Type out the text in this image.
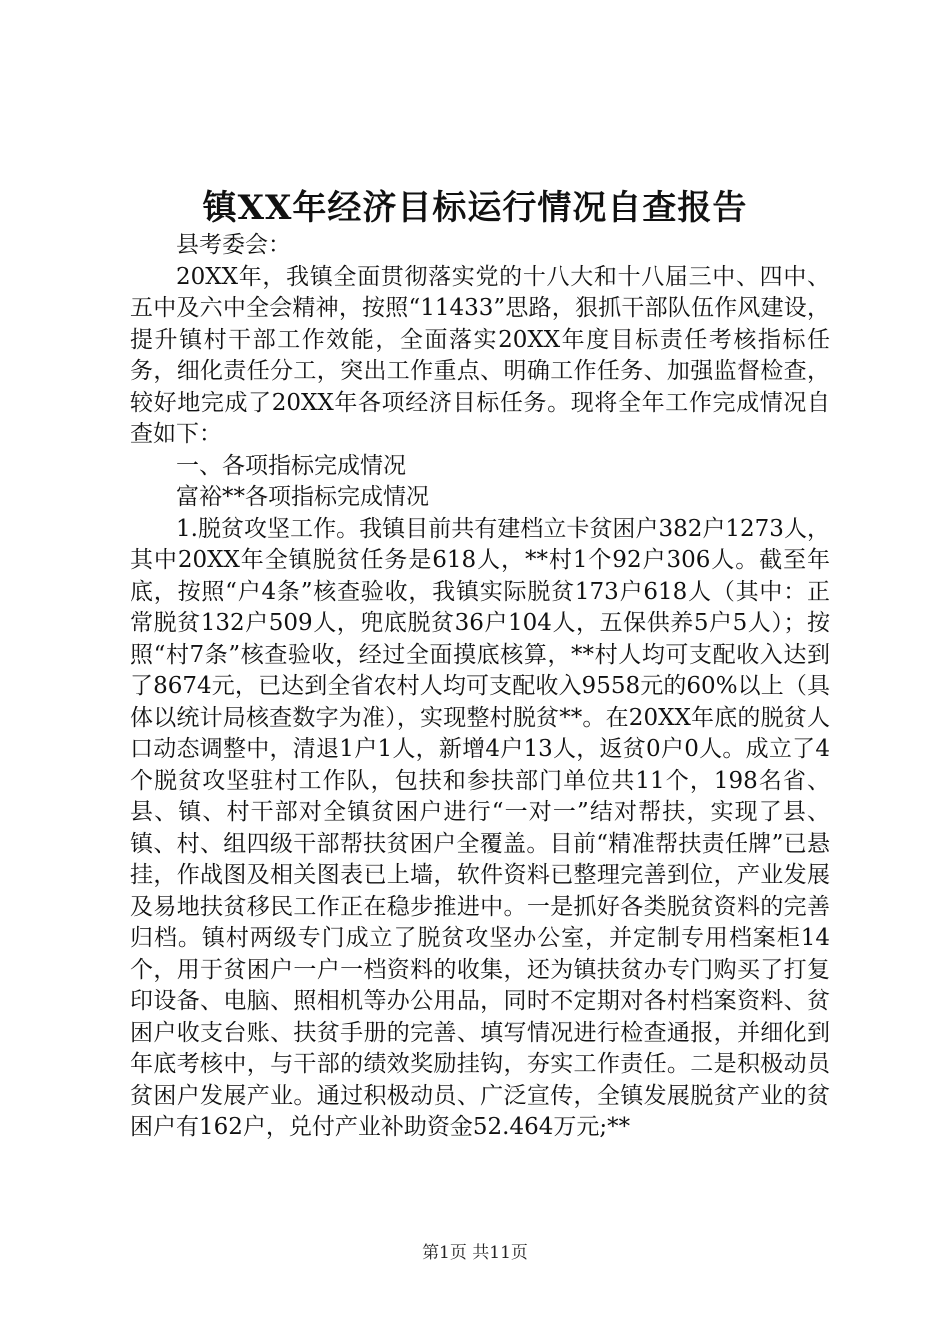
镇XX年经济目标运行情况自查报告

县考委会：

20XX年，我镇全面贯彻落实党的十八大和十八届三中、四中、五中及六中全会精神，按照“11433”思路，狠抓干部队伍作风建设，提升镇村干部工作效能，全面落实20XX年度目标责任考核指标任务，细化责任分工，突出工作重点、明确工作任务、加强监督检查，较好地完成了20XX年各项经济目标任务。现将全年工作完成情况自查如下：

一、各项指标完成情况

富裕**各项指标完成情况

1.脱贫攻坚工作。我镇目前共有建档立卡贫困户382户1273人，其中20XX年全镇脱贫任务是618人，**村1个92户306人。截至年底，按照“户4条”核查验收，我镇实际脱贫173户618人（其中：正常脱贫132户509人，兜底脱贫36户104人，五保供养5户5人）；按照“村7条”核查验收，经过全面摸底核算，**村人均可支配收入达到了8674元，已达到全省农村人均可支配收入9558元的60%以上（具体以统计局核查数字为准），实现整村脱贫**。在20XX年底的脱贫人口动态调整中，清退1户1人，新增4户13人，返贫0户0人。成立了4个脱贫攻坚驻村工作队，包扶和参扶部门单位共11个，198名省、县、镇、村干部对全镇贫困户进行“一对一”结对帮扶，实现了县、镇、村、组四级干部帮扶贫困户全覆盖。目前“精准帮扶责任牌”已悬挂，作战图及相关图表已上墙，软件资料已整理完善到位，产业发展及易地扶贫移民工作正在稳步推进中。一是抓好各类脱贫资料的完善归档。镇村两级专门成立了脱贫攻坚办公室，并定制专用档案柜14个，用于贫困户一户一档资料的收集，还为镇扶贫办专门购买了打复印设备、电脑、照相机等办公用品，同时不定期对各村档案资料、贫困户收支台账、扶贫手册的完善、填写情况进行检查通报，并细化到年底考核中，与干部的绩效奖励挂钩，夯实工作责任。二是积极动员贫困户发展产业。通过积极动员、广泛宣传，全镇发展脱贫产业的贫困户有162户，兑付产业补助资金52.464万元;**

第1页 共11页
